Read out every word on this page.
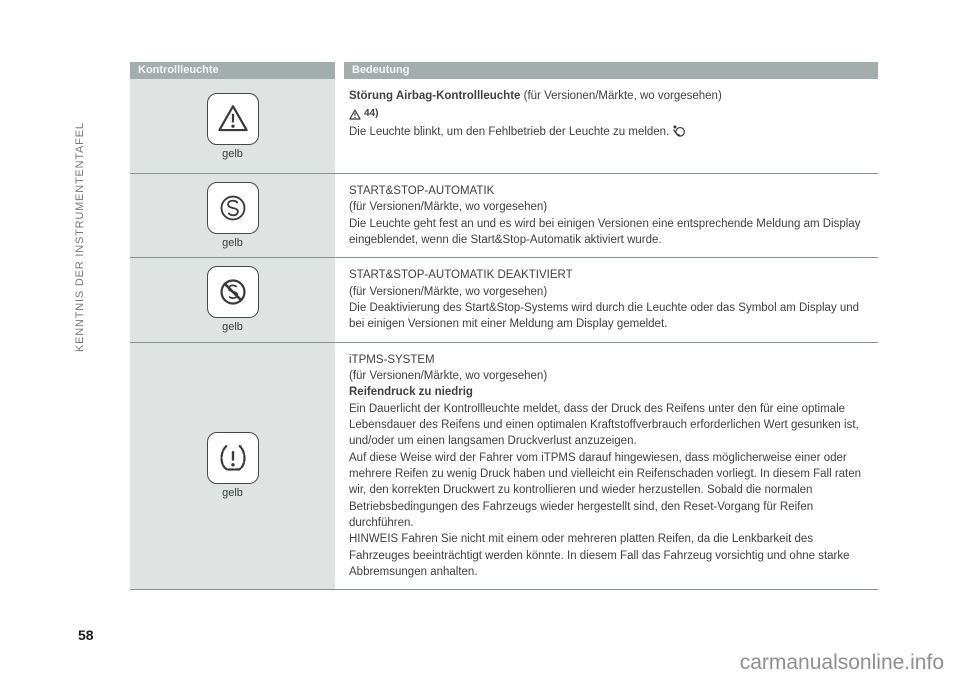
KENNTNIS DER INSTRUMENTENTAFEL
Kontrollleuchte	Bedeutung
gelb
Störung Airbag-Kontrollleuchte (für Versionen/Märkte, wo vorgesehen)
44)
Die Leuchte blinkt, um den Fehlbetrieb der Leuchte zu melden.
gelb
START&STOP-AUTOMATIK
(für Versionen/Märkte, wo vorgesehen)
Die Leuchte geht fest an und es wird bei einigen Versionen eine entsprechende Meldung am Display eingeblendet, wenn die Start&Stop-Automatik aktiviert wurde.
gelb
START&STOP-AUTOMATIK DEAKTIVIERT
(für Versionen/Märkte, wo vorgesehen)
Die Deaktivierung des Start&Stop-Systems wird durch die Leuchte oder das Symbol am Display und bei einigen Versionen mit einer Meldung am Display gemeldet.
gelb
iTPMS-SYSTEM
(für Versionen/Märkte, wo vorgesehen)
Reifendruck zu niedrig
Ein Dauerlicht der Kontrollleuchte meldet, dass der Druck des Reifens unter den für eine optimale Lebensdauer des Reifens und einen optimalen Kraftstoffverbrauch erforderlichen Wert gesunken ist, und/oder um einen langsamen Druckverlust anzuzeigen.
Auf diese Weise wird der Fahrer vom iTPMS darauf hingewiesen, dass möglicherweise einer oder mehrere Reifen zu wenig Druck haben und vielleicht ein Reifenschaden vorliegt. In diesem Fall raten wir, den korrekten Druckwert zu kontrollieren und wieder herzustellen. Sobald die normalen Betriebsbedingungen des Fahrzeugs wieder hergestellt sind, den Reset-Vorgang für Reifen durchführen.
HINWEIS Fahren Sie nicht mit einem oder mehreren platten Reifen, da die Lenkbarkeit des Fahrzeuges beeinträchtigt werden könnte. In diesem Fall das Fahrzeug vorsichtig und ohne starke Abbremsungen anhalten.
58
carmanualsonline.info
